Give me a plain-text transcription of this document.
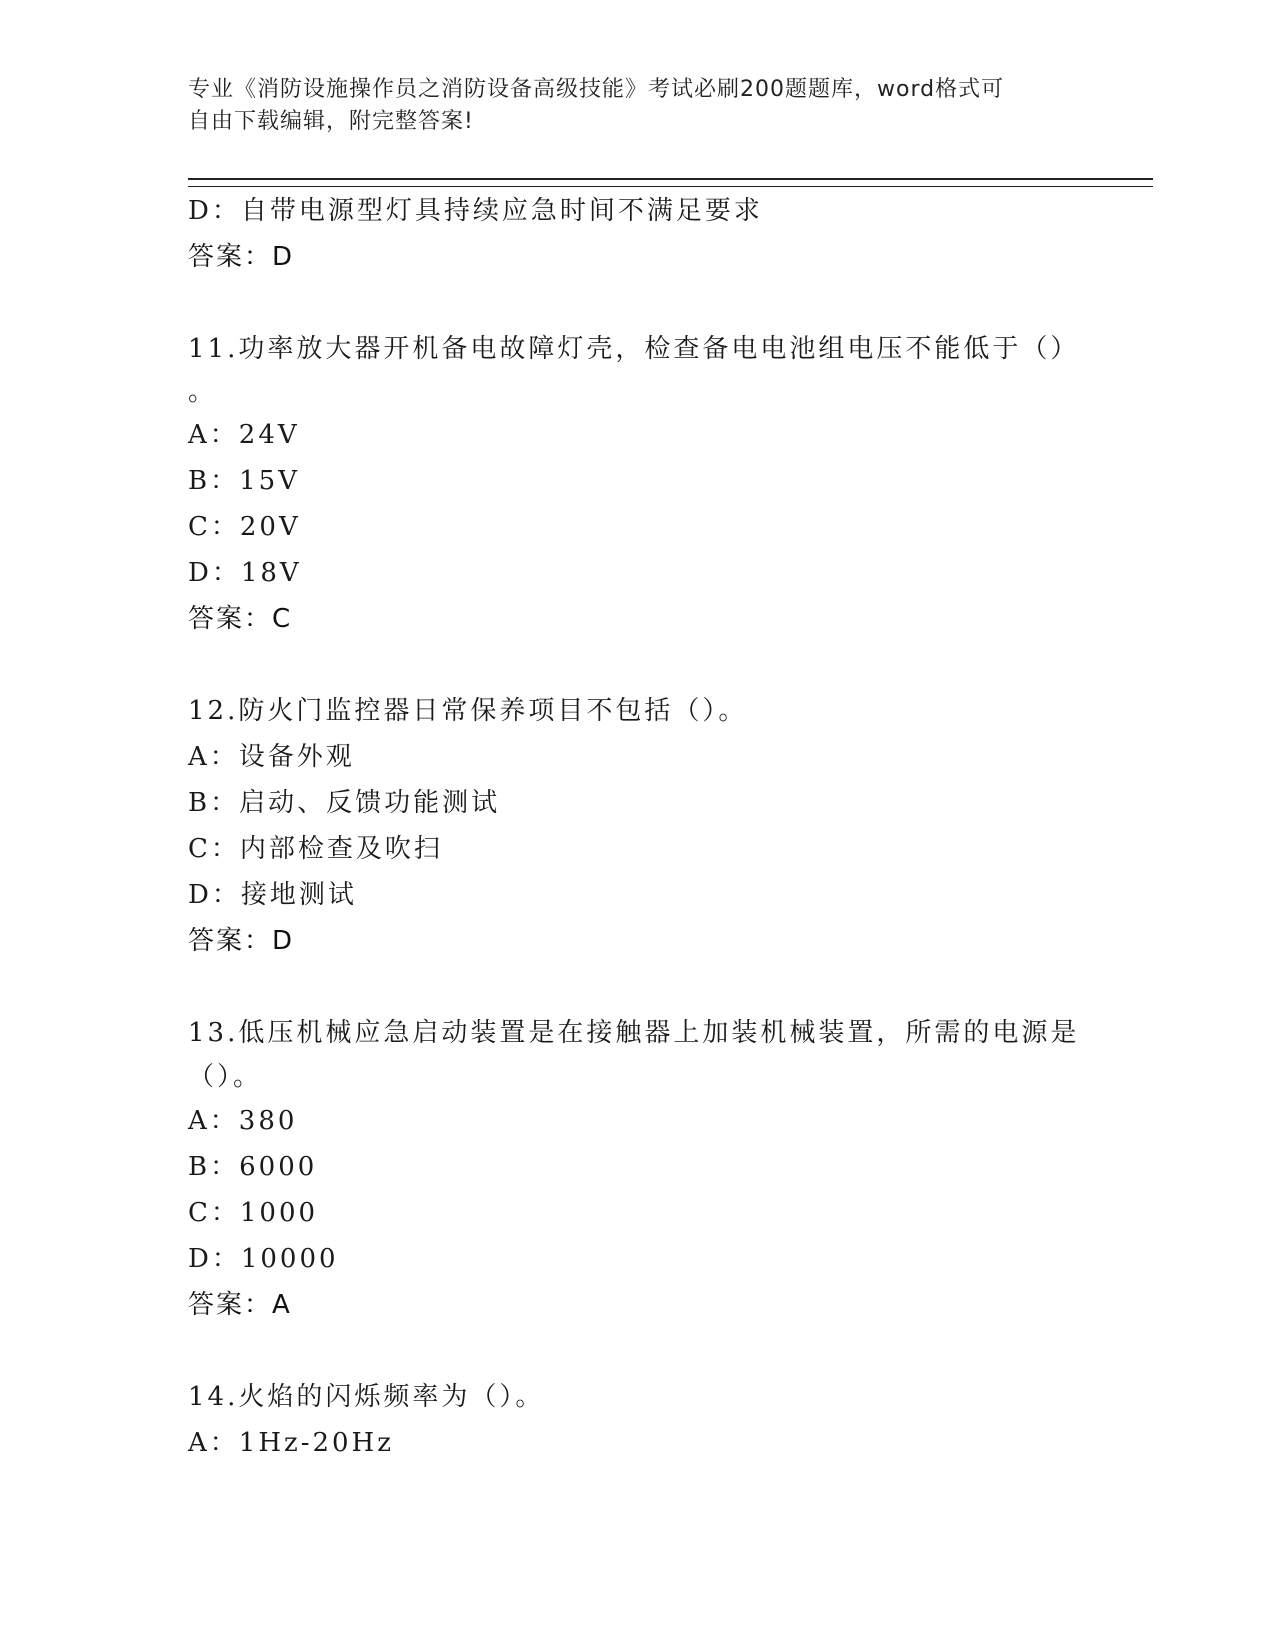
专业《消防设施操作员之消防设备高级技能》考试必刷200题题库，word格式可
自由下载编辑，附完整答案!
D：自带电源型灯具持续应急时间不满足要求
答案：D
11.功率放大器开机备电故障灯壳，检查备电电池组电压不能低于（）
。
A：24V
B：15V
C：20V
D：18V
答案：C
12.防火门监控器日常保养项目不包括（）。
A：设备外观
B：启动、反馈功能测试
C：内部检查及吹扫
D：接地测试
答案：D
13.低压机械应急启动装置是在接触器上加装机械装置，所需的电源是
（）。
A：380
B：6000
C：1000
D：10000
答案：A
14.火焰的闪烁频率为（）。
A：1Hz-20Hz
